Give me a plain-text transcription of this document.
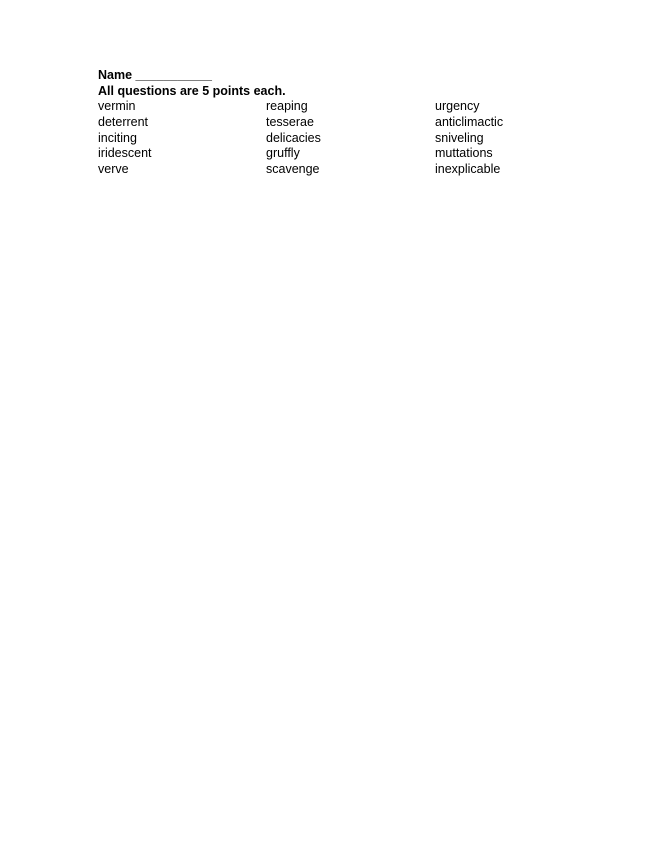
Name ___________
All questions are 5 points each.
vermin	reaping	urgency
deterrent	tesserae	anticlimactic
inciting	delicacies	sniveling
iridescent	gruffly	muttations
verve	scavenge	inexplicable
